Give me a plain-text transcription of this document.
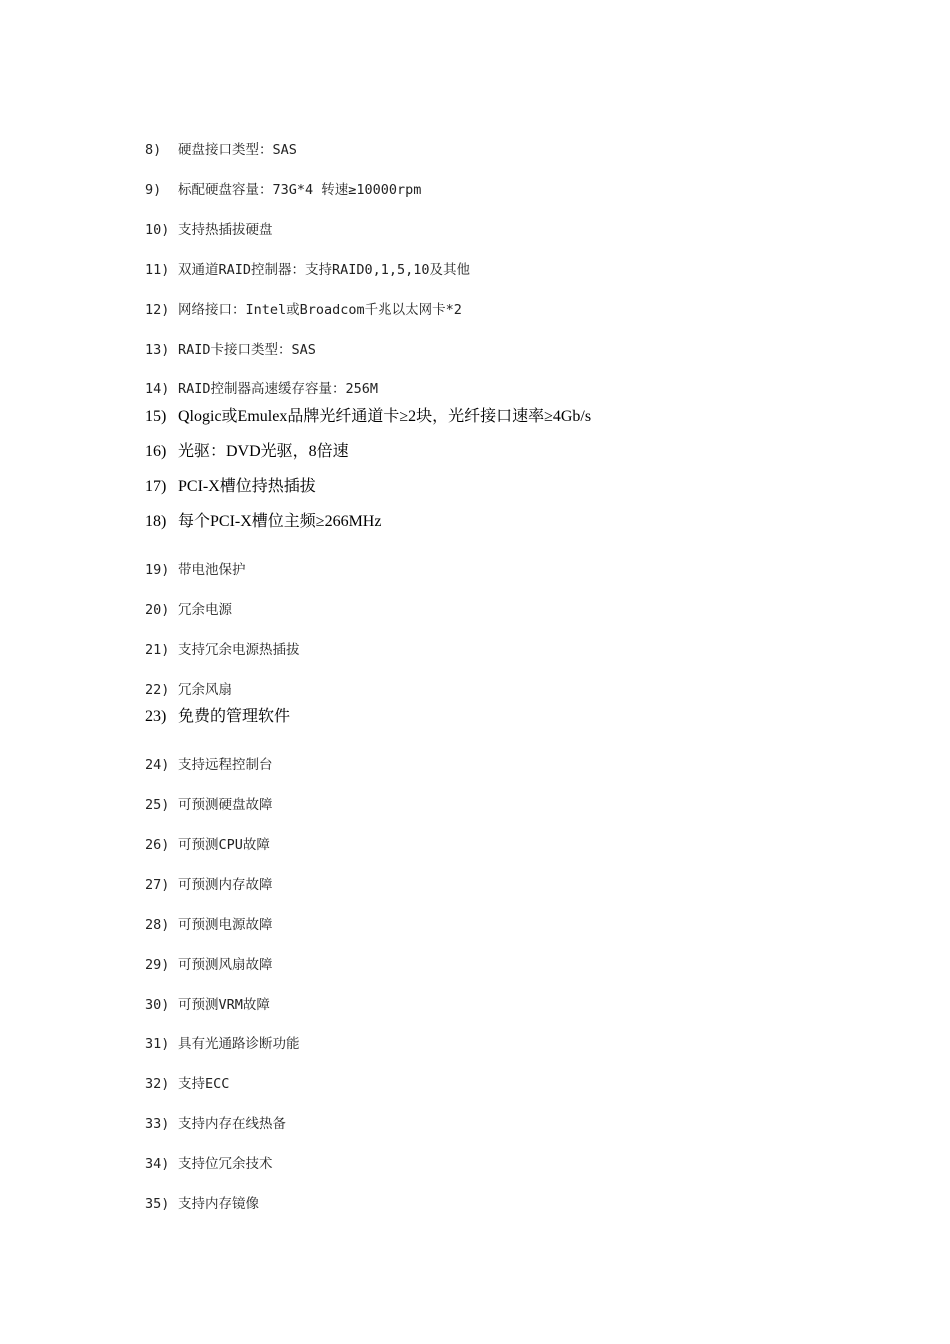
8) 硬盘接口类型：SAS
9) 标配硬盘容量：73G*4 转速≥10000rpm
10) 支持热插拔硬盘
11) 双通道RAID控制器：支持RAID0,1,5,10及其他
12) 网络接口：Intel或Broadcom千兆以太网卡*2
13) RAID卡接口类型：SAS
14) RAID控制器高速缓存容量：256M
15) Qlogic或Emulex品牌光纤通道卡≥2块，光纤接口速率≥4Gb/s
16) 光驱：DVD光驱，8倍速
17) PCI-X槽位持热插拔
18) 每个PCI-X槽位主频≥266MHz
19) 带电池保护
20) 冗余电源
21) 支持冗余电源热插拔
22) 冗余风扇
23) 免费的管理软件
24) 支持远程控制台
25) 可预测硬盘故障
26) 可预测CPU故障
27) 可预测内存故障
28) 可预测电源故障
29) 可预测风扇故障
30) 可预测VRM故障
31) 具有光通路诊断功能
32) 支持ECC
33) 支持内存在线热备
34) 支持位冗余技术
35) 支持内存镜像
